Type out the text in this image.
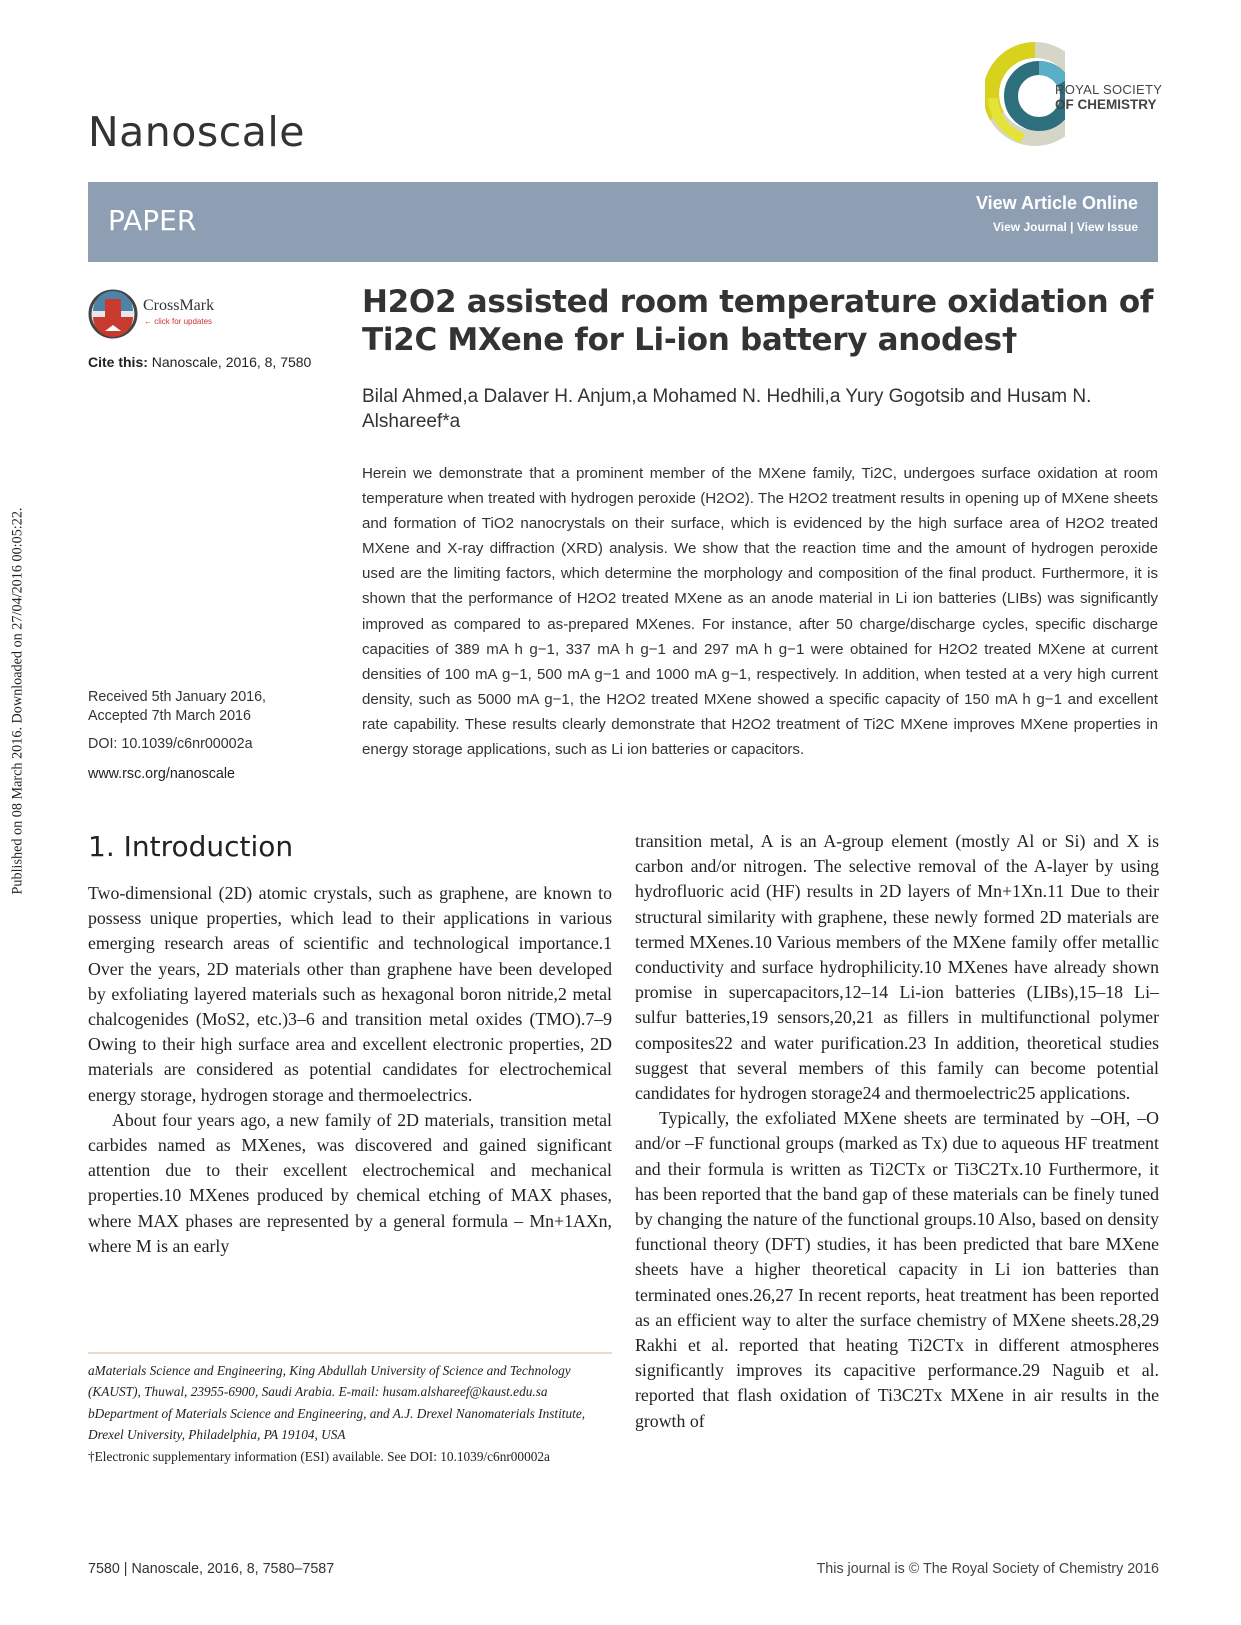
Nanoscale
ROYAL SOCIETY
OF CHEMISTRY
PAPER
View Article Online
View Journal | View Issue
Published on 08 March 2016. Downloaded on 27/04/2016 00:05:22.
CrossMark
← click for updates
Cite this: Nanoscale, 2016, 8, 7580
H2O2 assisted room temperature oxidation of Ti2C MXene for Li-ion battery anodes†
Bilal Ahmed,a Dalaver H. Anjum,a Mohamed N. Hedhili,a Yury Gogotsib and Husam N. Alshareef*a
Herein we demonstrate that a prominent member of the MXene family, Ti2C, undergoes surface oxidation at room temperature when treated with hydrogen peroxide (H2O2). The H2O2 treatment results in opening up of MXene sheets and formation of TiO2 nanocrystals on their surface, which is evidenced by the high surface area of H2O2 treated MXene and X-ray diffraction (XRD) analysis. We show that the reaction time and the amount of hydrogen peroxide used are the limiting factors, which determine the morphology and composition of the final product. Furthermore, it is shown that the performance of H2O2 treated MXene as an anode material in Li ion batteries (LIBs) was significantly improved as compared to as-prepared MXenes. For instance, after 50 charge/discharge cycles, specific discharge capacities of 389 mA h g−1, 337 mA h g−1 and 297 mA h g−1 were obtained for H2O2 treated MXene at current densities of 100 mA g−1, 500 mA g−1 and 1000 mA g−1, respectively. In addition, when tested at a very high current density, such as 5000 mA g−1, the H2O2 treated MXene showed a specific capacity of 150 mA h g−1 and excellent rate capability. These results clearly demonstrate that H2O2 treatment of Ti2C MXene improves MXene properties in energy storage applications, such as Li ion batteries or capacitors.
Received 5th January 2016,
Accepted 7th March 2016
DOI: 10.1039/c6nr00002a
www.rsc.org/nanoscale
1. Introduction

Two-dimensional (2D) atomic crystals, such as graphene, are known to possess unique properties, which lead to their applications in various emerging research areas of scientific and technological importance.1 Over the years, 2D materials other than graphene have been developed by exfoliating layered materials such as hexagonal boron nitride,2 metal chalcogenides (MoS2, etc.)3–6 and transition metal oxides (TMO).7–9 Owing to their high surface area and excellent electronic properties, 2D materials are considered as potential candidates for electrochemical energy storage, hydrogen storage and thermoelectrics.

About four years ago, a new family of 2D materials, transition metal carbides named as MXenes, was discovered and gained significant attention due to their excellent electrochemical and mechanical properties.10 MXenes produced by chemical etching of MAX phases, where MAX phases are represented by a general formula – Mn+1AXn, where M is an early

transition metal, A is an A-group element (mostly Al or Si) and X is carbon and/or nitrogen. The selective removal of the A-layer by using hydrofluoric acid (HF) results in 2D layers of Mn+1Xn.11 Due to their structural similarity with graphene, these newly formed 2D materials are termed MXenes.10 Various members of the MXene family offer metallic conductivity and surface hydrophilicity.10 MXenes have already shown promise in supercapacitors,12–14 Li-ion batteries (LIBs),15–18 Li–sulfur batteries,19 sensors,20,21 as fillers in multifunctional polymer composites22 and water purification.23 In addition, theoretical studies suggest that several members of this family can become potential candidates for hydrogen storage24 and thermoelectric25 applications.

Typically, the exfoliated MXene sheets are terminated by –OH, –O and/or –F functional groups (marked as Tx) due to aqueous HF treatment and their formula is written as Ti2CTx or Ti3C2Tx.10 Furthermore, it has been reported that the band gap of these materials can be finely tuned by changing the nature of the functional groups.10 Also, based on density functional theory (DFT) studies, it has been predicted that bare MXene sheets have a higher theoretical capacity in Li ion batteries than terminated ones.26,27 In recent reports, heat treatment has been reported as an efficient way to alter the surface chemistry of MXene sheets.28,29 Rakhi et al. reported that heating Ti2CTx in different atmospheres significantly improves its capacitive performance.29 Naguib et al. reported that flash oxidation of Ti3C2Tx MXene in air results in the growth of

aMaterials Science and Engineering, King Abdullah University of Science and Technology (KAUST), Thuwal, 23955-6900, Saudi Arabia. E-mail: husam.alshareef@kaust.edu.sa
bDepartment of Materials Science and Engineering, and A.J. Drexel Nanomaterials Institute, Drexel University, Philadelphia, PA 19104, USA
†Electronic supplementary information (ESI) available. See DOI: 10.1039/c6nr00002a
7580 | Nanoscale, 2016, 8, 7580–7587	This journal is © The Royal Society of Chemistry 2016
